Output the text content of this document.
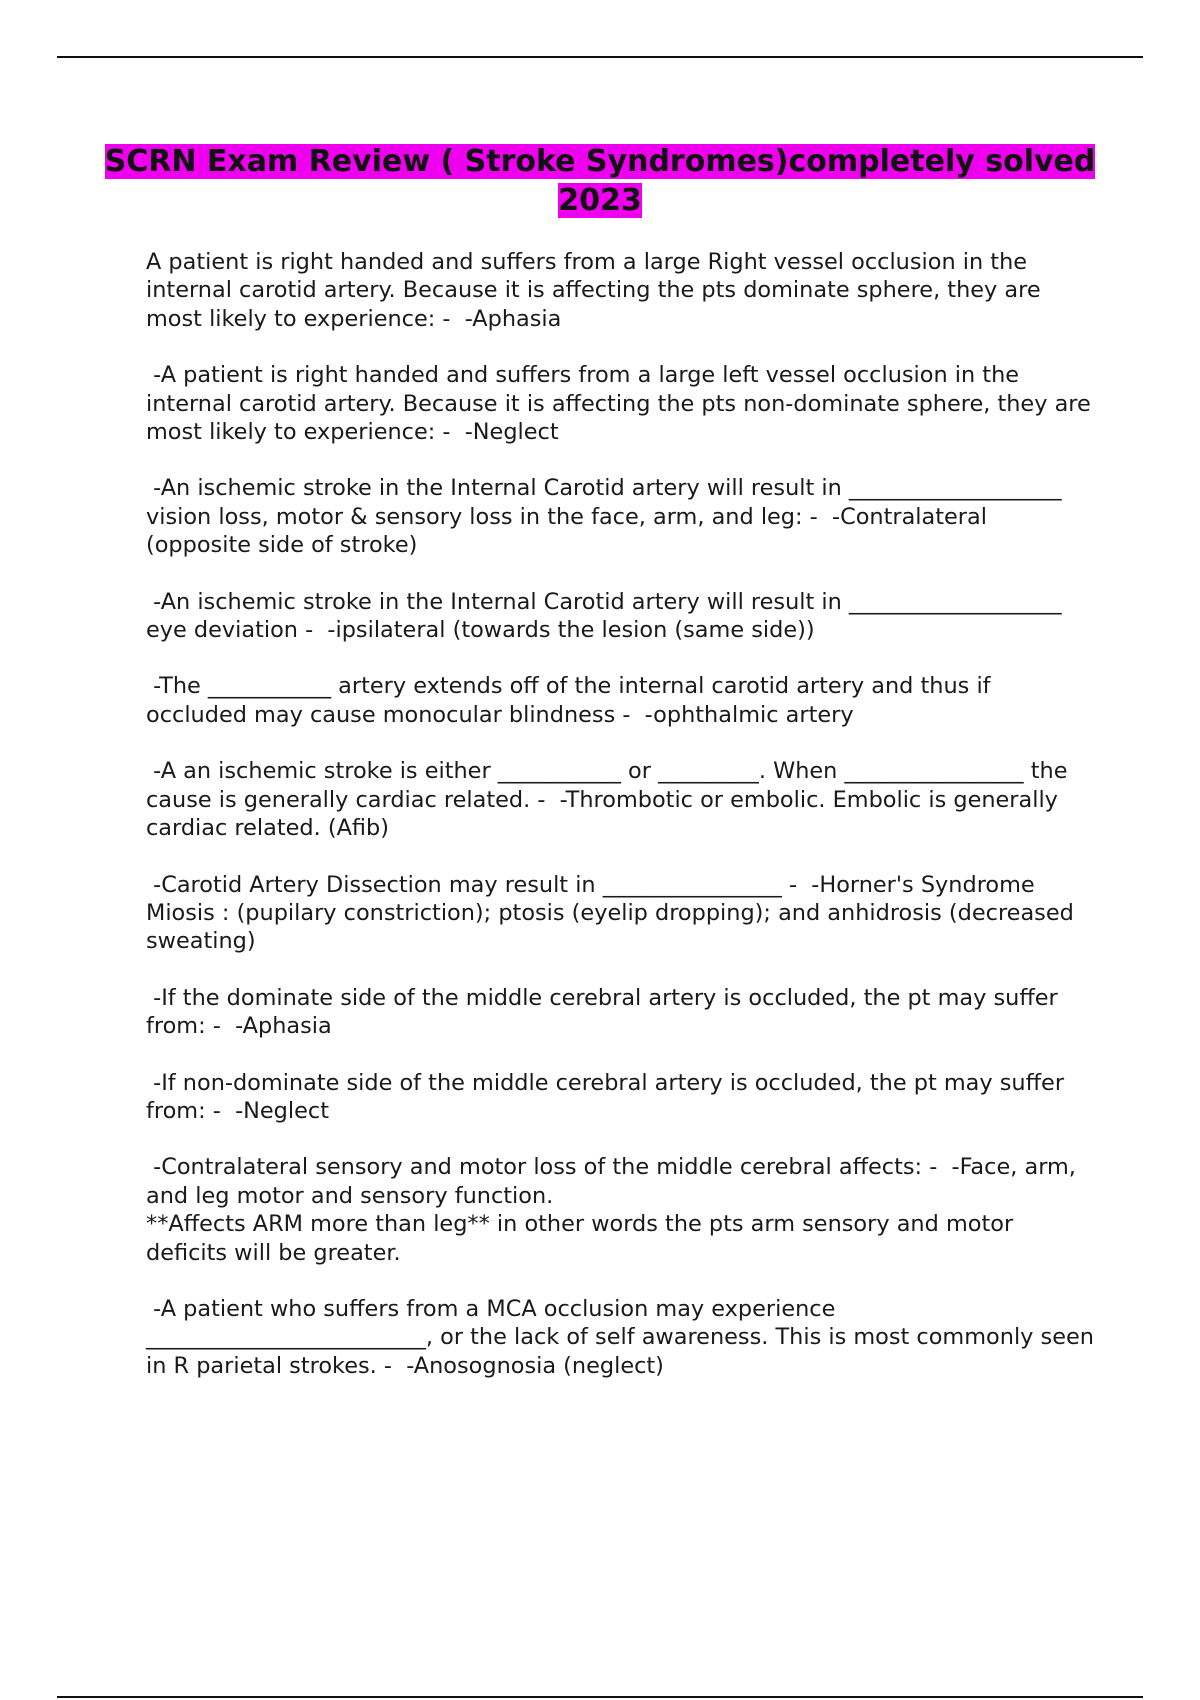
SCRN Exam Review ( Stroke Syndromes)completely solved 2023

A patient is right handed and suffers from a large Right vessel occlusion in the internal carotid artery. Because it is affecting the pts dominate sphere, they are most likely to experience: -  -Aphasia

-A patient is right handed and suffers from a large left vessel occlusion in the internal carotid artery. Because it is affecting the pts non-dominate sphere, they are most likely to experience: -  -Neglect

-An ischemic stroke in the Internal Carotid artery will result in ___________________ vision loss, motor & sensory loss in the face, arm, and leg: -  -Contralateral (opposite side of stroke)

-An ischemic stroke in the Internal Carotid artery will result in ___________________ eye deviation -  -ipsilateral (towards the lesion (same side))

-The ___________ artery extends off of the internal carotid artery and thus if occluded may cause monocular blindness -  -ophthalmic artery

-A an ischemic stroke is either ___________ or _________. When ________________ the cause is generally cardiac related. -  -Thrombotic or embolic. Embolic is generally cardiac related. (Afib)

-Carotid Artery Dissection may result in ________________ -  -Horner's Syndrome Miosis : (pupilary constriction); ptosis (eyelip dropping); and anhidrosis (decreased sweating)

-If the dominate side of the middle cerebral artery is occluded, the pt may suffer from: -  -Aphasia

-If non-dominate side of the middle cerebral artery is occluded, the pt may suffer from: -  -Neglect

-Contralateral sensory and motor loss of the middle cerebral affects: -  -Face, arm, and leg motor and sensory function.
**Affects ARM more than leg** in other words the pts arm sensory and motor deficits will be greater.

-A patient who suffers from a MCA occlusion may experience _________________________, or the lack of self awareness. This is most commonly seen in R parietal strokes. -  -Anosognosia (neglect)
